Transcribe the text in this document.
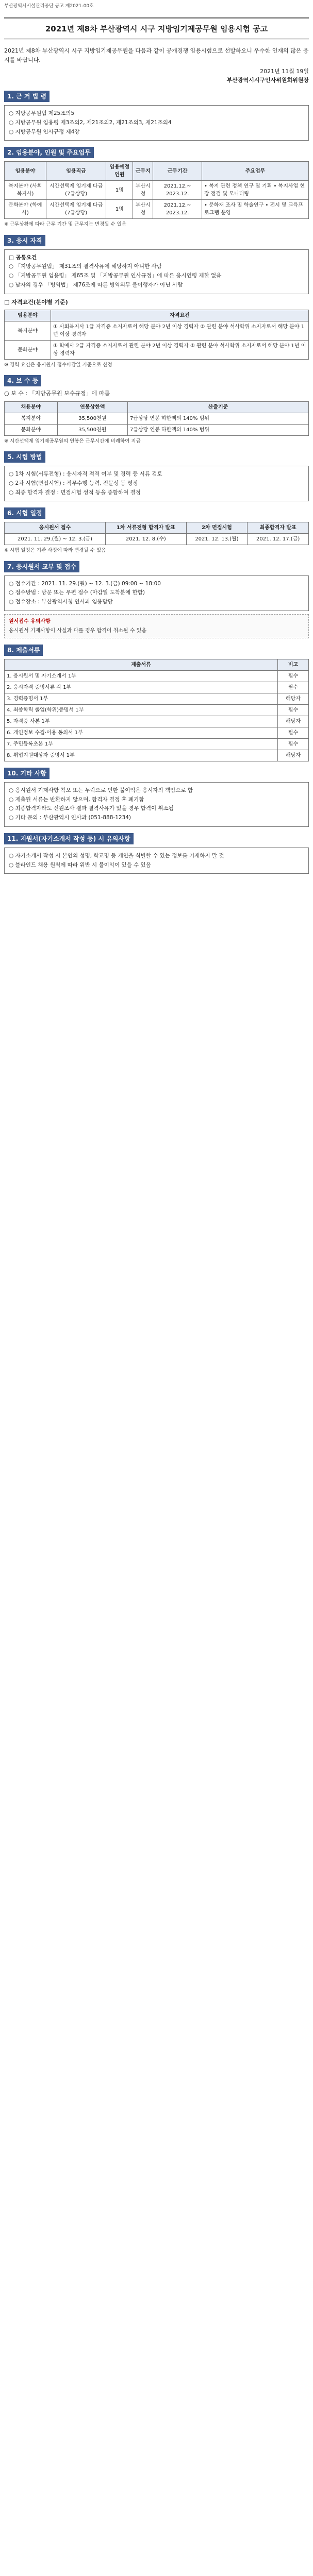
부산광역시시설관리공단 공고 제2021-00호
2021년 제8차 부산광역시 시구 지방임기제공무원 임용시험 공고

2021년 제8차 부산광역시 시구 지방임기제공무원을 다음과 같이 공개경쟁 임용시험으로 선발하오니 우수한 인재의 많은 응시를 바랍니다.

2021년 11월 19일
부산광역시시구인사위원회위원장
1. 근 거 법 령

○ 지방공무원법 제25조의5

○ 지방공무원 임용령 제3조의2, 제21조의2, 제21조의3, 제21조의4

○ 지방공무원 인사규정 제4장

2. 임용분야, 인원 및 주요업무
임용분야	임용직급	임용예정인원	근무지	근무기간	주요업무
복지분야 (사회복지사)	시간선택제 임기제 다급 (7급상당)	1명	부산시청	2021.12.~ 2023.12.	• 복지 관련 정책 연구 및 기획 • 복지사업 현장 점검 및 모니터링
문화분야 (학예사)	시간선택제 임기제 다급 (7급상당)	1명	부산시청	2021.12.~ 2023.12.	• 문화재 조사 및 학술연구 • 전시 및 교육프로그램 운영

※ 근무상황에 따라 근무 기간 및 근무지는 변경될 수 있음

3. 응시 자격

□ 공통요건

○ 「지방공무원법」 제31조의 결격사유에 해당하지 아니한 사람

○ 「지방공무원 임용령」 제65조 및 「지방공무원 인사규정」에 따른 응시연령 제한 없음

○ 남자의 경우 「병역법」 제76조에 따른 병역의무 불이행자가 아닌 사람

□ 자격요건(분야별 기준)

임용분야	자격요건
복지분야	① 사회복지사 1급 자격증 소지자로서 해당 분야 2년 이상 경력자 ② 관련 분야 석사학위 소지자로서 해당 분야 1년 이상 경력자
문화분야	① 학예사 2급 자격증 소지자로서 관련 분야 2년 이상 경력자 ② 관련 분야 석사학위 소지자로서 해당 분야 1년 이상 경력자

※ 경력 요건은 응시원서 접수마감일 기준으로 산정

4. 보 수 등

○ 보 수 : 「지방공무원 보수규정」에 따름

채용분야	연봉상한액	산출기준
복지분야	35,500천원	7급상당 연봉 하한액의 140% 범위
문화분야	35,500천원	7급상당 연봉 하한액의 140% 범위

※ 시간선택제 임기제공무원의 연봉은 근무시간에 비례하여 지급

5. 시험 방법

○ 1차 시험(서류전형) : 응시자격 적격 여부 및 경력 등 서류 검토

○ 2차 시험(면접시험) : 직무수행 능력, 전문성 등 평정

○ 최종 합격자 결정 : 면접시험 성적 등을 종합하여 결정

6. 시험 일정
응시원서 접수	1차 서류전형 합격자 발표	2차 면접시험	최종합격자 발표
2021. 11. 29.(월) ~ 12. 3.(금)	2021. 12. 8.(수)	2021. 12. 13.(월)	2021. 12. 17.(금)

※ 시험 일정은 기관 사정에 따라 변경될 수 있음

7. 응시원서 교부 및 접수

○ 접수기간 : 2021. 11. 29.(월) ~ 12. 3.(금) 09:00 ~ 18:00

○ 접수방법 : 방문 또는 우편 접수 (마감일 도착분에 한함)

○ 접수장소 : 부산광역시청 인사과 임용담당

원서접수 유의사항
응시원서 기재사항이 사실과 다를 경우 합격이 취소될 수 있음
8. 제출서류
제출서류	비고
1. 응시원서 및 자기소개서 1부	필수
2. 응시자격 증빙서류 각 1부	필수
3. 경력증명서 1부	해당자
4. 최종학력 졸업(학위)증명서 1부	필수
5. 자격증 사본 1부	해당자
6. 개인정보 수집·이용 동의서 1부	필수
7. 주민등록초본 1부	필수
8. 취업지원대상자 증명서 1부	해당자
10. 기타 사항

○ 응시원서 기재사항 착오 또는 누락으로 인한 불이익은 응시자의 책임으로 함

○ 제출된 서류는 반환하지 않으며, 합격자 결정 후 폐기함

○ 최종합격자라도 신원조사 결과 결격사유가 있을 경우 합격이 취소됨

○ 기타 문의 : 부산광역시 인사과 (051-888-1234)

11. 지원서(자기소개서 작성 등) 시 유의사항

○ 자기소개서 작성 시 본인의 성명, 학교명 등 개인을 식별할 수 있는 정보를 기재하지 말 것

○ 블라인드 채용 원칙에 따라 위반 시 불이익이 있을 수 있음
